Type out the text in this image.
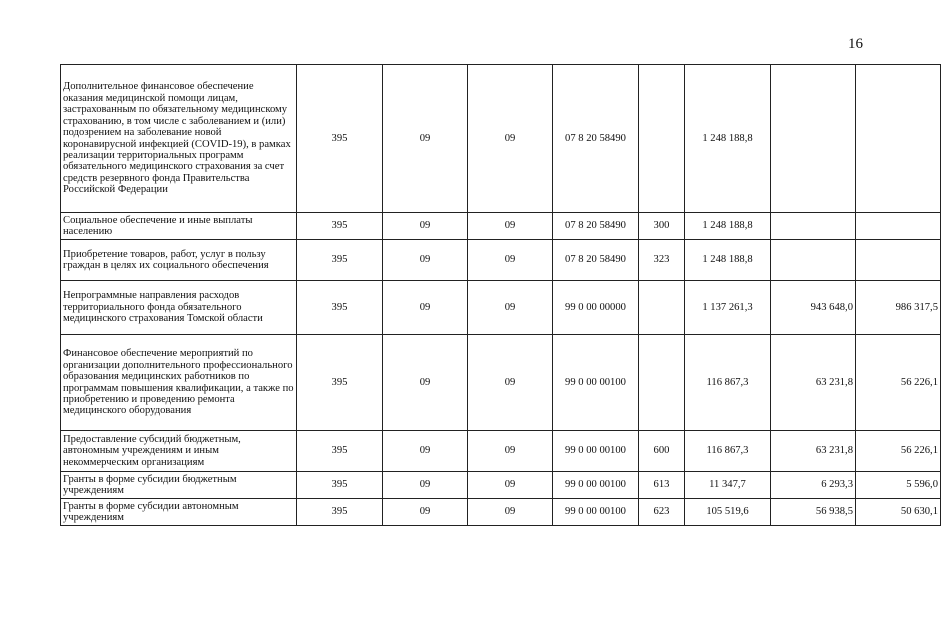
16
Дополнительное финансовое обеспечение оказания медицинской помощи лицам, застрахованным по обязательному медицинскому страхованию, в том числе с заболеванием и (или) подозрением на заболевание новой коронавирусной инфекцией (COVID-19), в рамках реализации территориальных программ обязательного медицинского страхования за счет средств резервного фонда Правительства Российской Федерации	395	09	09	07 8 20 58490		1 248 188,8		
Социальное обеспечение и иные выплаты населению	395	09	09	07 8 20 58490	300	1 248 188,8		
Приобретение товаров, работ, услуг в пользу граждан в целях их социального обеспечения	395	09	09	07 8 20 58490	323	1 248 188,8		
Непрограммные направления расходов территориального фонда обязательного медицинского страхования Томской области	395	09	09	99 0 00 00000		1 137 261,3	943 648,0	986 317,5
Финансовое обеспечение мероприятий по организации дополнительного профессионального образования медицинских работников по программам повышения квалификации, а также по приобретению и проведению ремонта медицинского оборудования	395	09	09	99 0 00 00100		116 867,3	63 231,8	56 226,1
Предоставление субсидий бюджетным, автономным учреждениям и иным некоммерческим организациям	395	09	09	99 0 00 00100	600	116 867,3	63 231,8	56 226,1
Гранты в форме субсидии бюджетным учреждениям	395	09	09	99 0 00 00100	613	11 347,7	6 293,3	5 596,0
Гранты в форме субсидии автономным учреждениям	395	09	09	99 0 00 00100	623	105 519,6	56 938,5	50 630,1
